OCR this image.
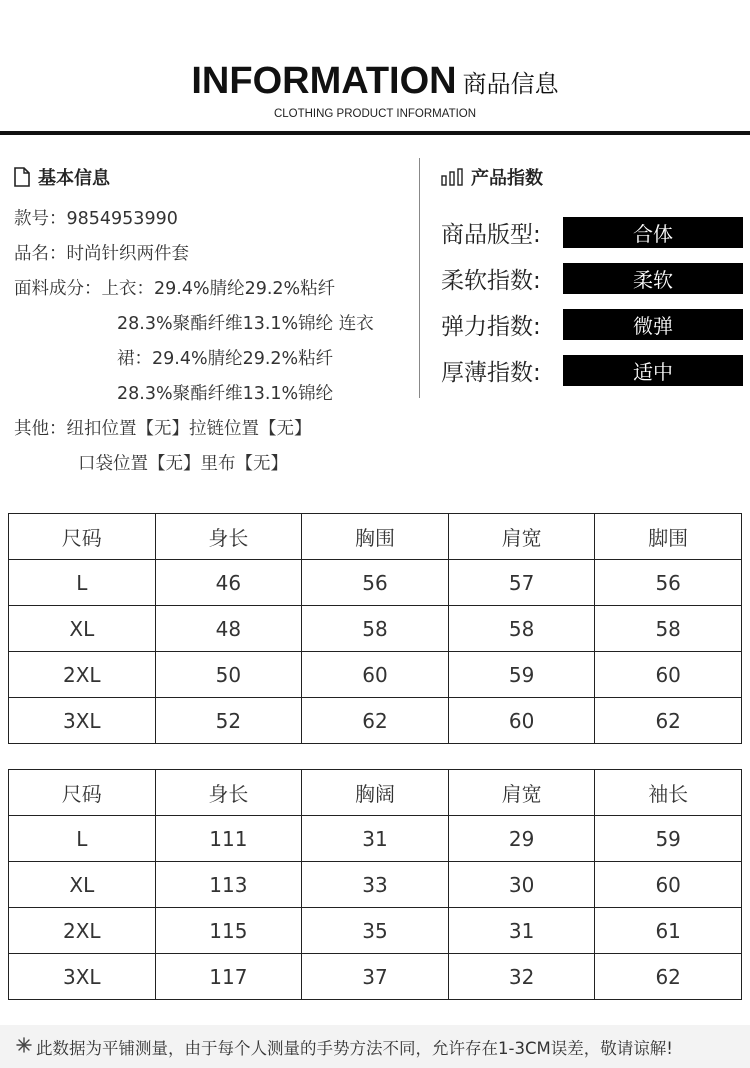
INFORMATION 商品信息
CLOTHING PRODUCT INFORMATION
基本信息
款号：9854953990
品名：时尚针织两件套
面料成分：上衣：29.4%腈纶29.2%粘纤
28.3%聚酯纤维13.1%锦纶 连衣
裙：29.4%腈纶29.2%粘纤
28.3%聚酯纤维13.1%锦纶
其他：纽扣位置【无】拉链位置【无】
口袋位置【无】里布【无】
产品指数
商品版型:	合体
柔软指数:	柔软
弹力指数:	微弹
厚薄指数:	适中
尺码	身长	胸围	肩宽	脚围
L	46	56	57	56
XL	48	58	58	58
2XL	50	60	59	60
3XL	52	62	60	62
尺码	身长	胸阔	肩宽	袖长
L	111	31	29	59
XL	113	33	30	60
2XL	115	35	31	61
3XL	117	37	32	62
此数据为平铺测量，由于每个人测量的手势方法不同，允许存在1-3CM误差，敬请谅解!
